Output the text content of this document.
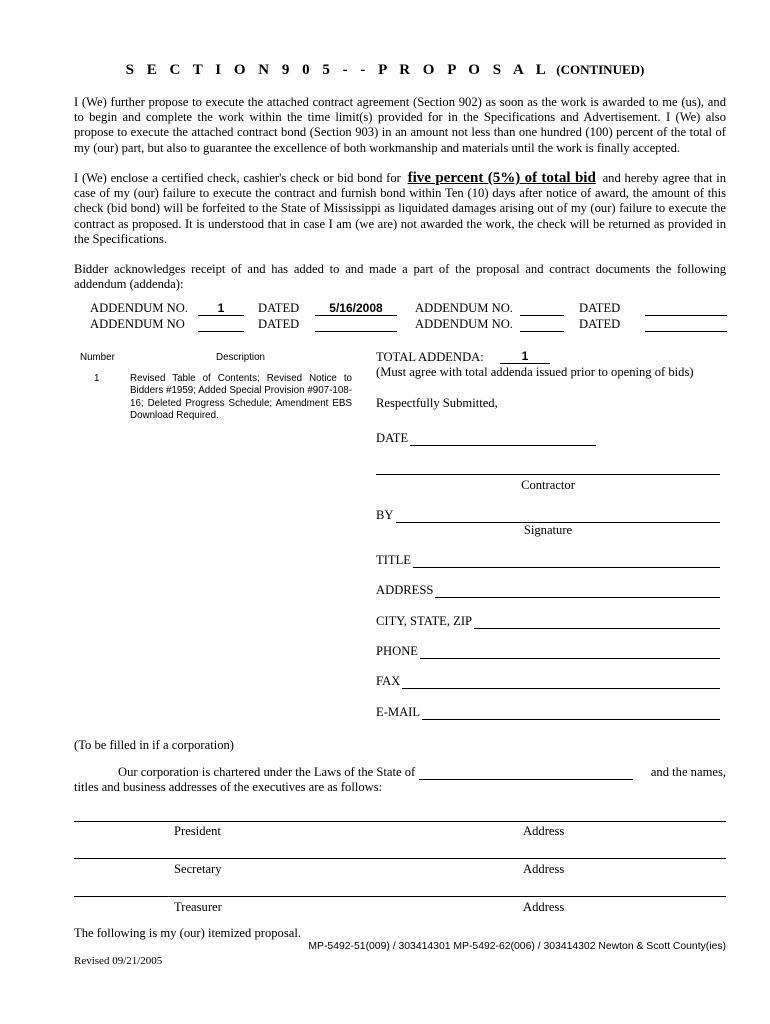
S E C T I O N 9 0 5 - - P R O P O S A L (CONTINUED)
I (We) further propose to execute the attached contract agreement (Section 902) as soon as the work is awarded to me (us), and to begin and complete the work within the time limit(s) provided for in the Specifications and Advertisement. I (We) also propose to execute the attached contract bond (Section 903) in an amount not less than one hundred (100) percent of the total of my (our) part, but also to guarantee the excellence of both workmanship and materials until the work is finally accepted.
I (We) enclose a certified check, cashier's check or bid bond for five percent (5%) of total bid and hereby agree that in case of my (our) failure to execute the contract and furnish bond within Ten (10) days after notice of award, the amount of this check (bid bond) will be forfeited to the State of Mississippi as liquidated damages arising out of my (our) failure to execute the contract as proposed. It is understood that in case I am (we are) not awarded the work, the check will be returned as provided in the Specifications.
Bidder acknowledges receipt of and has added to and made a part of the proposal and contract documents the following addendum (addenda):
ADDENDUM NO.	1	DATED	5/16/2008	ADDENDUM NO.	DATED
ADDENDUM NO	DATED	ADDENDUM NO.	DATED
Number	Description
1	Revised Table of Contents; Revised Notice to Bidders #1959; Added Special Provision #907-108-16; Deleted Progress Schedule; Amendment EBS Download Required.
TOTAL ADDENDA:	1
(Must agree with total addenda issued prior to opening of bids)
Respectfully Submitted,
DATE
Contractor
BY
Signature
TITLE
ADDRESS
CITY, STATE, ZIP
PHONE
FAX
E-MAIL
(To be filled in if a corporation)
Our corporation is chartered under the Laws of the State of	and the names,
titles and business addresses of the executives are as follows:
President	Address
Secretary	Address
Treasurer	Address
The following is my (our) itemized proposal.
MP-5492-51(009) / 303414301 MP-5492-62(006) / 303414302 Newton & Scott County(ies)
Revised 09/21/2005
